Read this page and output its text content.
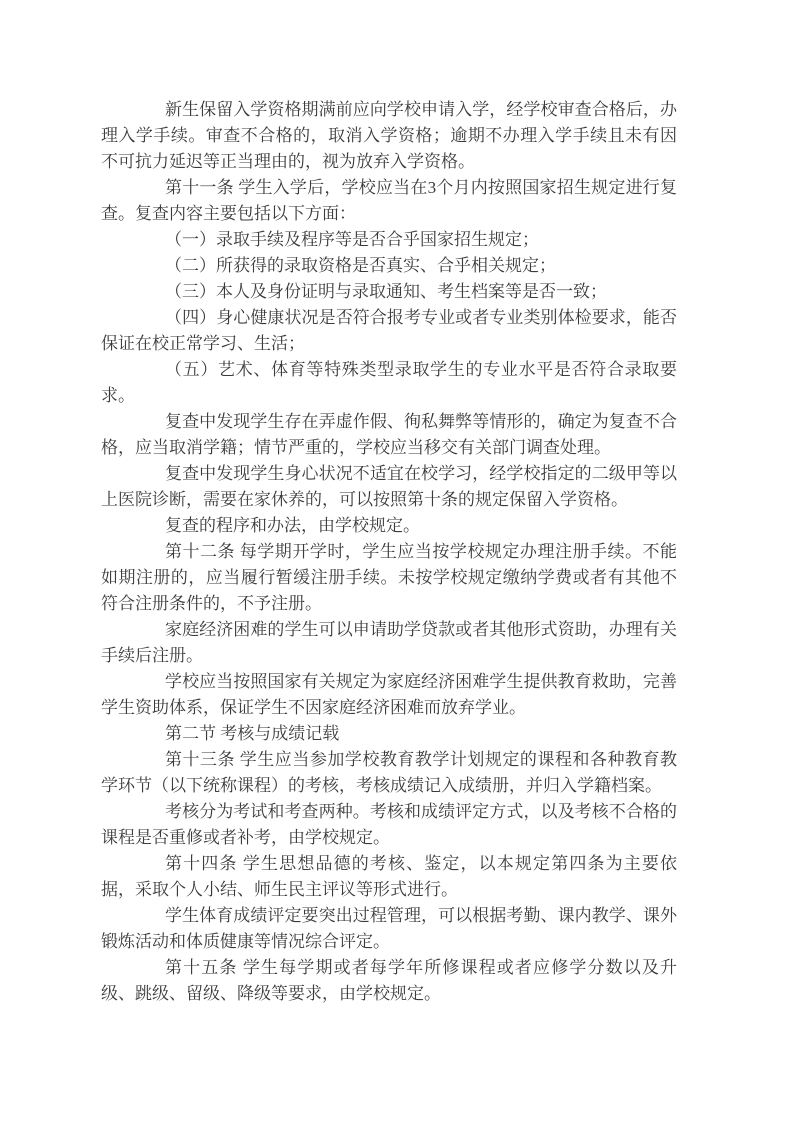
新生保留入学资格期满前应向学校申请入学，经学校审查合格后，办理入学手续。审查不合格的，取消入学资格；逾期不办理入学手续且未有因不可抗力延迟等正当理由的，视为放弃入学资格。

第十一条 学生入学后，学校应当在3个月内按照国家招生规定进行复查。复查内容主要包括以下方面：

（一）录取手续及程序等是否合乎国家招生规定；

（二）所获得的录取资格是否真实、合乎相关规定；

（三）本人及身份证明与录取通知、考生档案等是否一致；

（四）身心健康状况是否符合报考专业或者专业类别体检要求，能否保证在校正常学习、生活；

（五）艺术、体育等特殊类型录取学生的专业水平是否符合录取要求。

复查中发现学生存在弄虚作假、徇私舞弊等情形的，确定为复查不合格，应当取消学籍；情节严重的，学校应当移交有关部门调查处理。

复查中发现学生身心状况不适宜在校学习，经学校指定的二级甲等以上医院诊断，需要在家休养的，可以按照第十条的规定保留入学资格。

复查的程序和办法，由学校规定。

第十二条 每学期开学时，学生应当按学校规定办理注册手续。不能如期注册的，应当履行暂缓注册手续。未按学校规定缴纳学费或者有其他不符合注册条件的，不予注册。

家庭经济困难的学生可以申请助学贷款或者其他形式资助，办理有关手续后注册。

学校应当按照国家有关规定为家庭经济困难学生提供教育救助，完善学生资助体系，保证学生不因家庭经济困难而放弃学业。

第二节 考核与成绩记载

第十三条 学生应当参加学校教育教学计划规定的课程和各种教育教学环节（以下统称课程）的考核，考核成绩记入成绩册，并归入学籍档案。

考核分为考试和考查两种。考核和成绩评定方式，以及考核不合格的课程是否重修或者补考，由学校规定。

第十四条 学生思想品德的考核、鉴定，以本规定第四条为主要依据，采取个人小结、师生民主评议等形式进行。

学生体育成绩评定要突出过程管理，可以根据考勤、课内教学、课外锻炼活动和体质健康等情况综合评定。

第十五条 学生每学期或者每学年所修课程或者应修学分数以及升级、跳级、留级、降级等要求，由学校规定。
